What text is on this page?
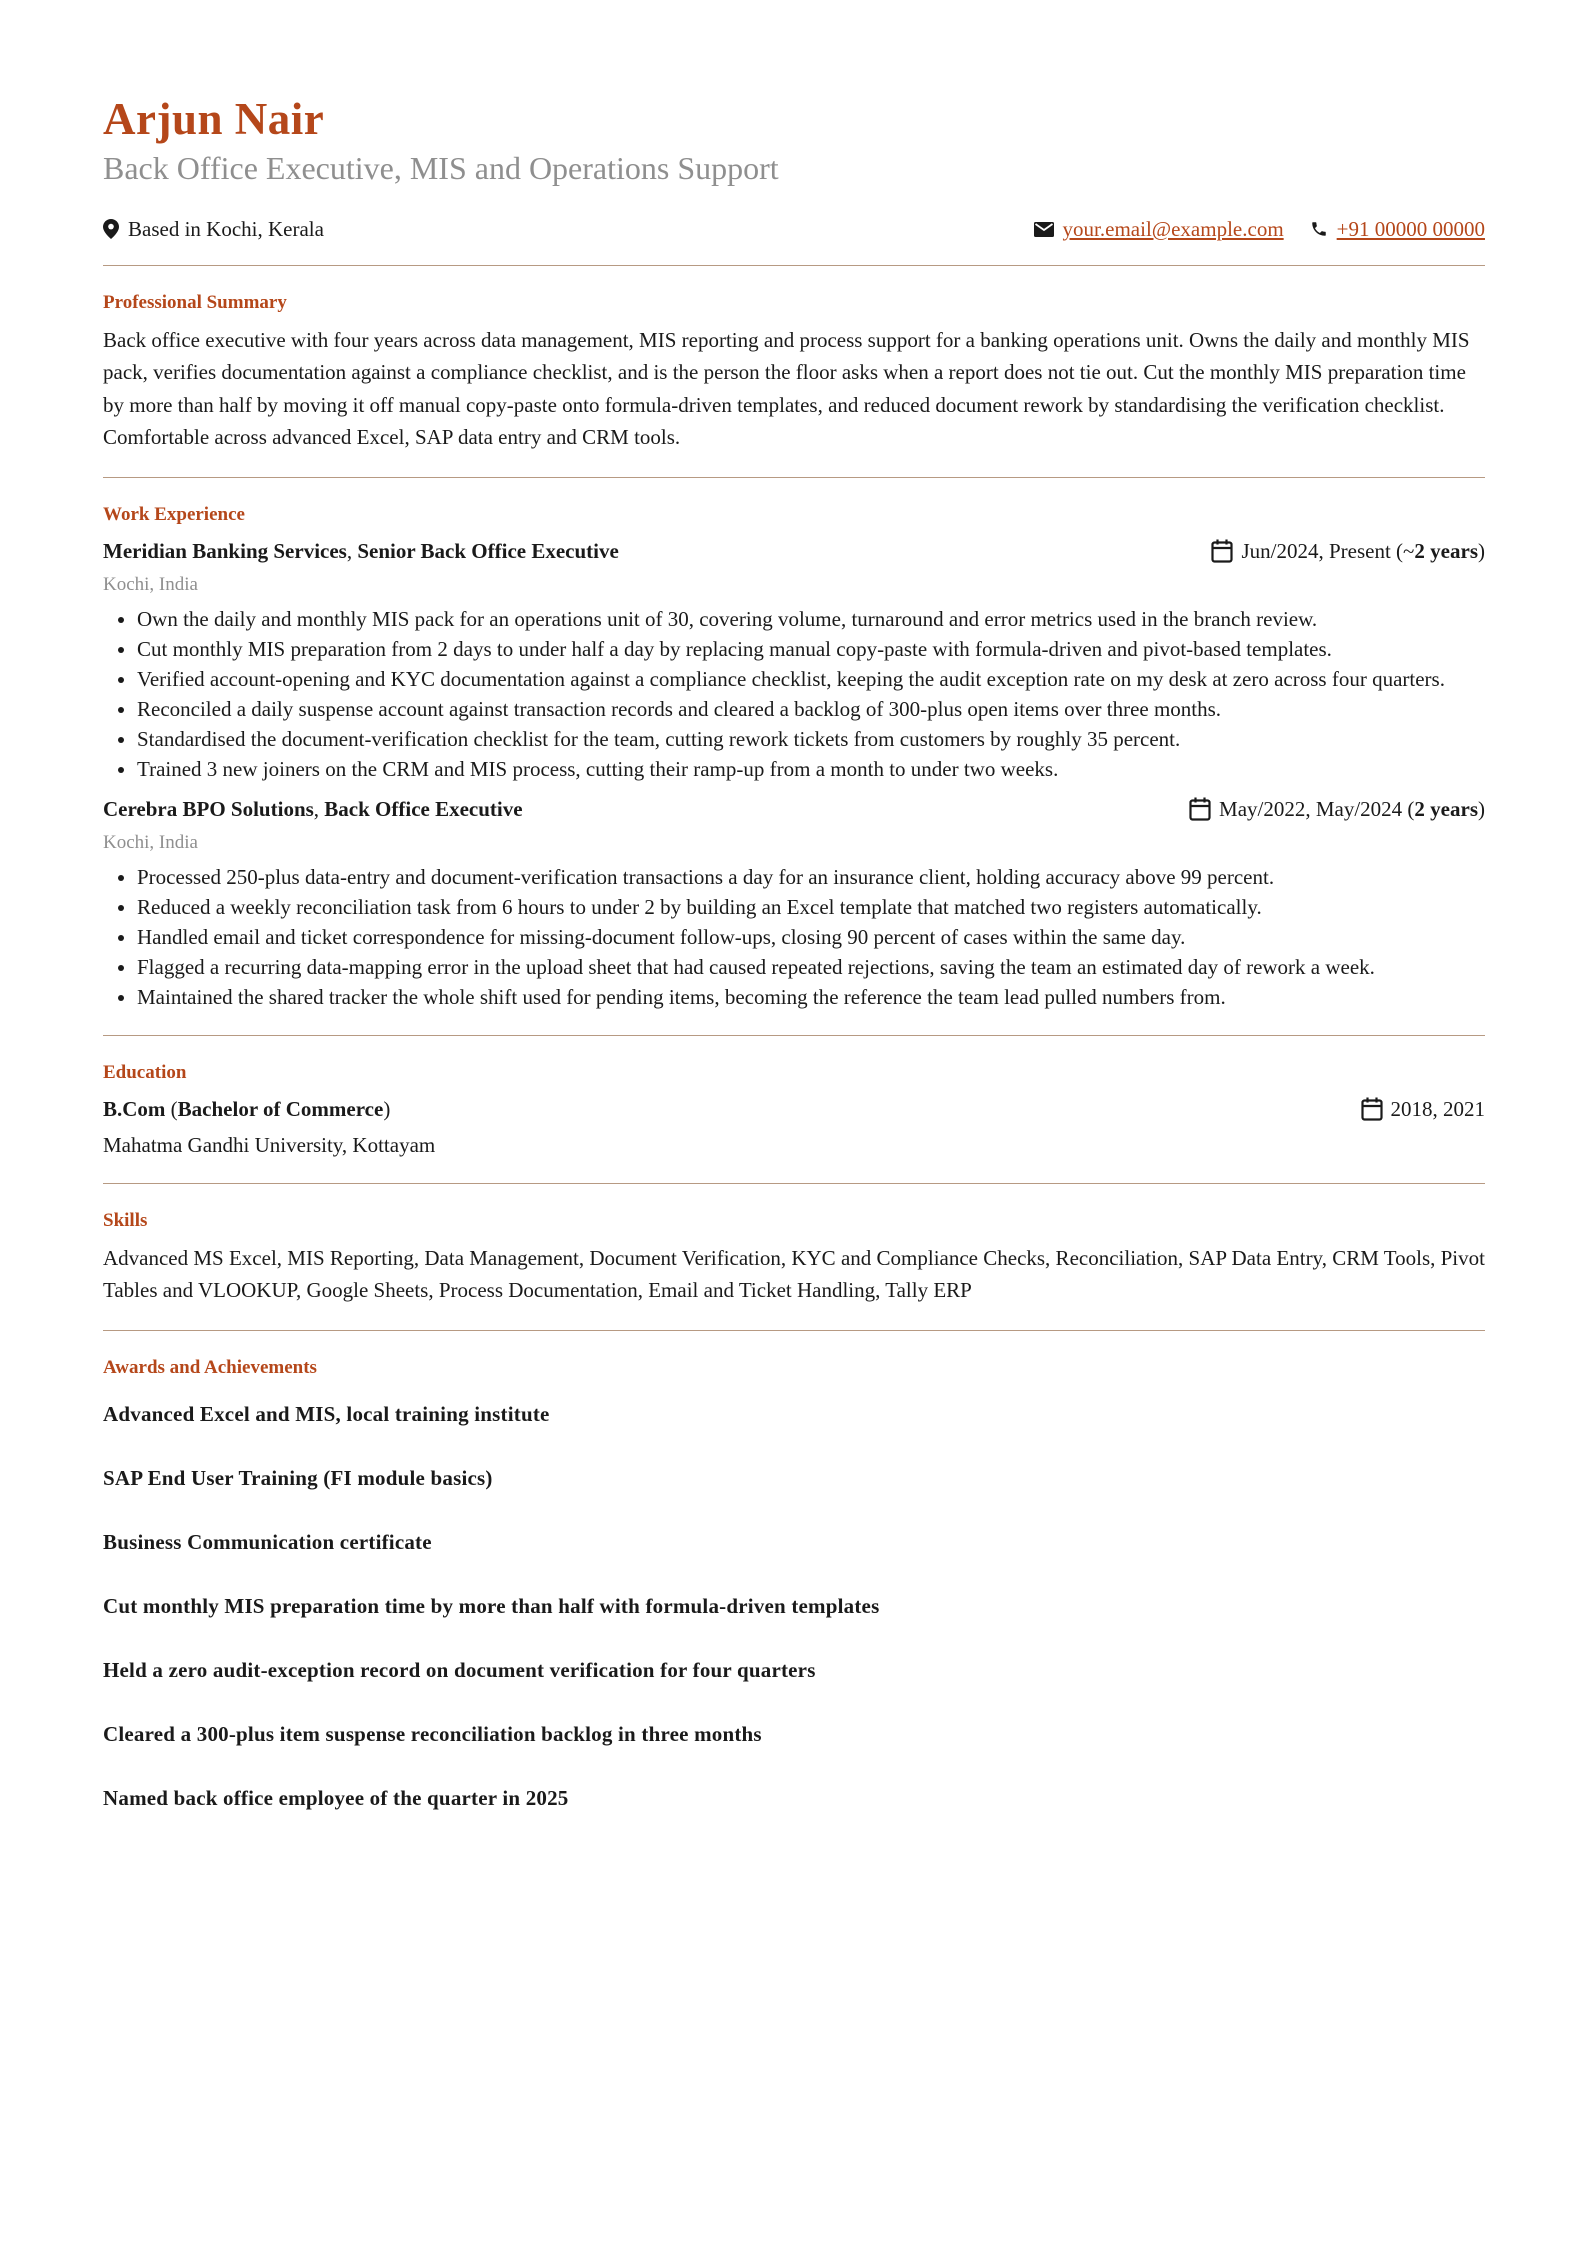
Arjun Nair
Back Office Executive, MIS and Operations Support
Based in Kochi, Kerala	your.email@example.com	+91 00000 00000
Professional Summary

Back office executive with four years across data management, MIS reporting and process support for a banking operations unit. Owns the daily and monthly MIS pack, verifies documentation against a compliance checklist, and is the person the floor asks when a report does not tie out. Cut the monthly MIS preparation time by more than half by moving it off manual copy-paste onto formula-driven templates, and reduced document rework by standardising the verification checklist. Comfortable across advanced Excel, SAP data entry and CRM tools.

Work Experience
Meridian Banking Services, Senior Back Office Executive	Jun/2024, Present (~ 2 years )
Kochi, India
• Own the daily and monthly MIS pack for an operations unit of 30, covering volume, turnaround and error metrics used in the branch review.
• Cut monthly MIS preparation from 2 days to under half a day by replacing manual copy-paste with formula-driven and pivot-based templates.
• Verified account-opening and KYC documentation against a compliance checklist, keeping the audit exception rate on my desk at zero across four quarters.
• Reconciled a daily suspense account against transaction records and cleared a backlog of 300-plus open items over three months.
• Standardised the document-verification checklist for the team, cutting rework tickets from customers by roughly 35 percent.
• Trained 3 new joiners on the CRM and MIS process, cutting their ramp-up from a month to under two weeks.
Cerebra BPO Solutions, Back Office Executive	May/2022, May/2024 ( 2 years )
Kochi, India
• Processed 250-plus data-entry and document-verification transactions a day for an insurance client, holding accuracy above 99 percent.
• Reduced a weekly reconciliation task from 6 hours to under 2 by building an Excel template that matched two registers automatically.
• Handled email and ticket correspondence for missing-document follow-ups, closing 90 percent of cases within the same day.
• Flagged a recurring data-mapping error in the upload sheet that had caused repeated rejections, saving the team an estimated day of rework a week.
• Maintained the shared tracker the whole shift used for pending items, becoming the reference the team lead pulled numbers from.
Education
B.Com (Bachelor of Commerce)	2018, 2021
Mahatma Gandhi University, Kottayam
Skills

Advanced MS Excel, MIS Reporting, Data Management, Document Verification, KYC and Compliance Checks, Reconciliation, SAP Data Entry, CRM Tools, Pivot Tables and VLOOKUP, Google Sheets, Process Documentation, Email and Ticket Handling, Tally ERP

Awards and Achievements
Advanced Excel and MIS, local training institute
SAP End User Training (FI module basics)
Business Communication certificate
Cut monthly MIS preparation time by more than half with formula-driven templates
Held a zero audit-exception record on document verification for four quarters
Cleared a 300-plus item suspense reconciliation backlog in three months
Named back office employee of the quarter in 2025
